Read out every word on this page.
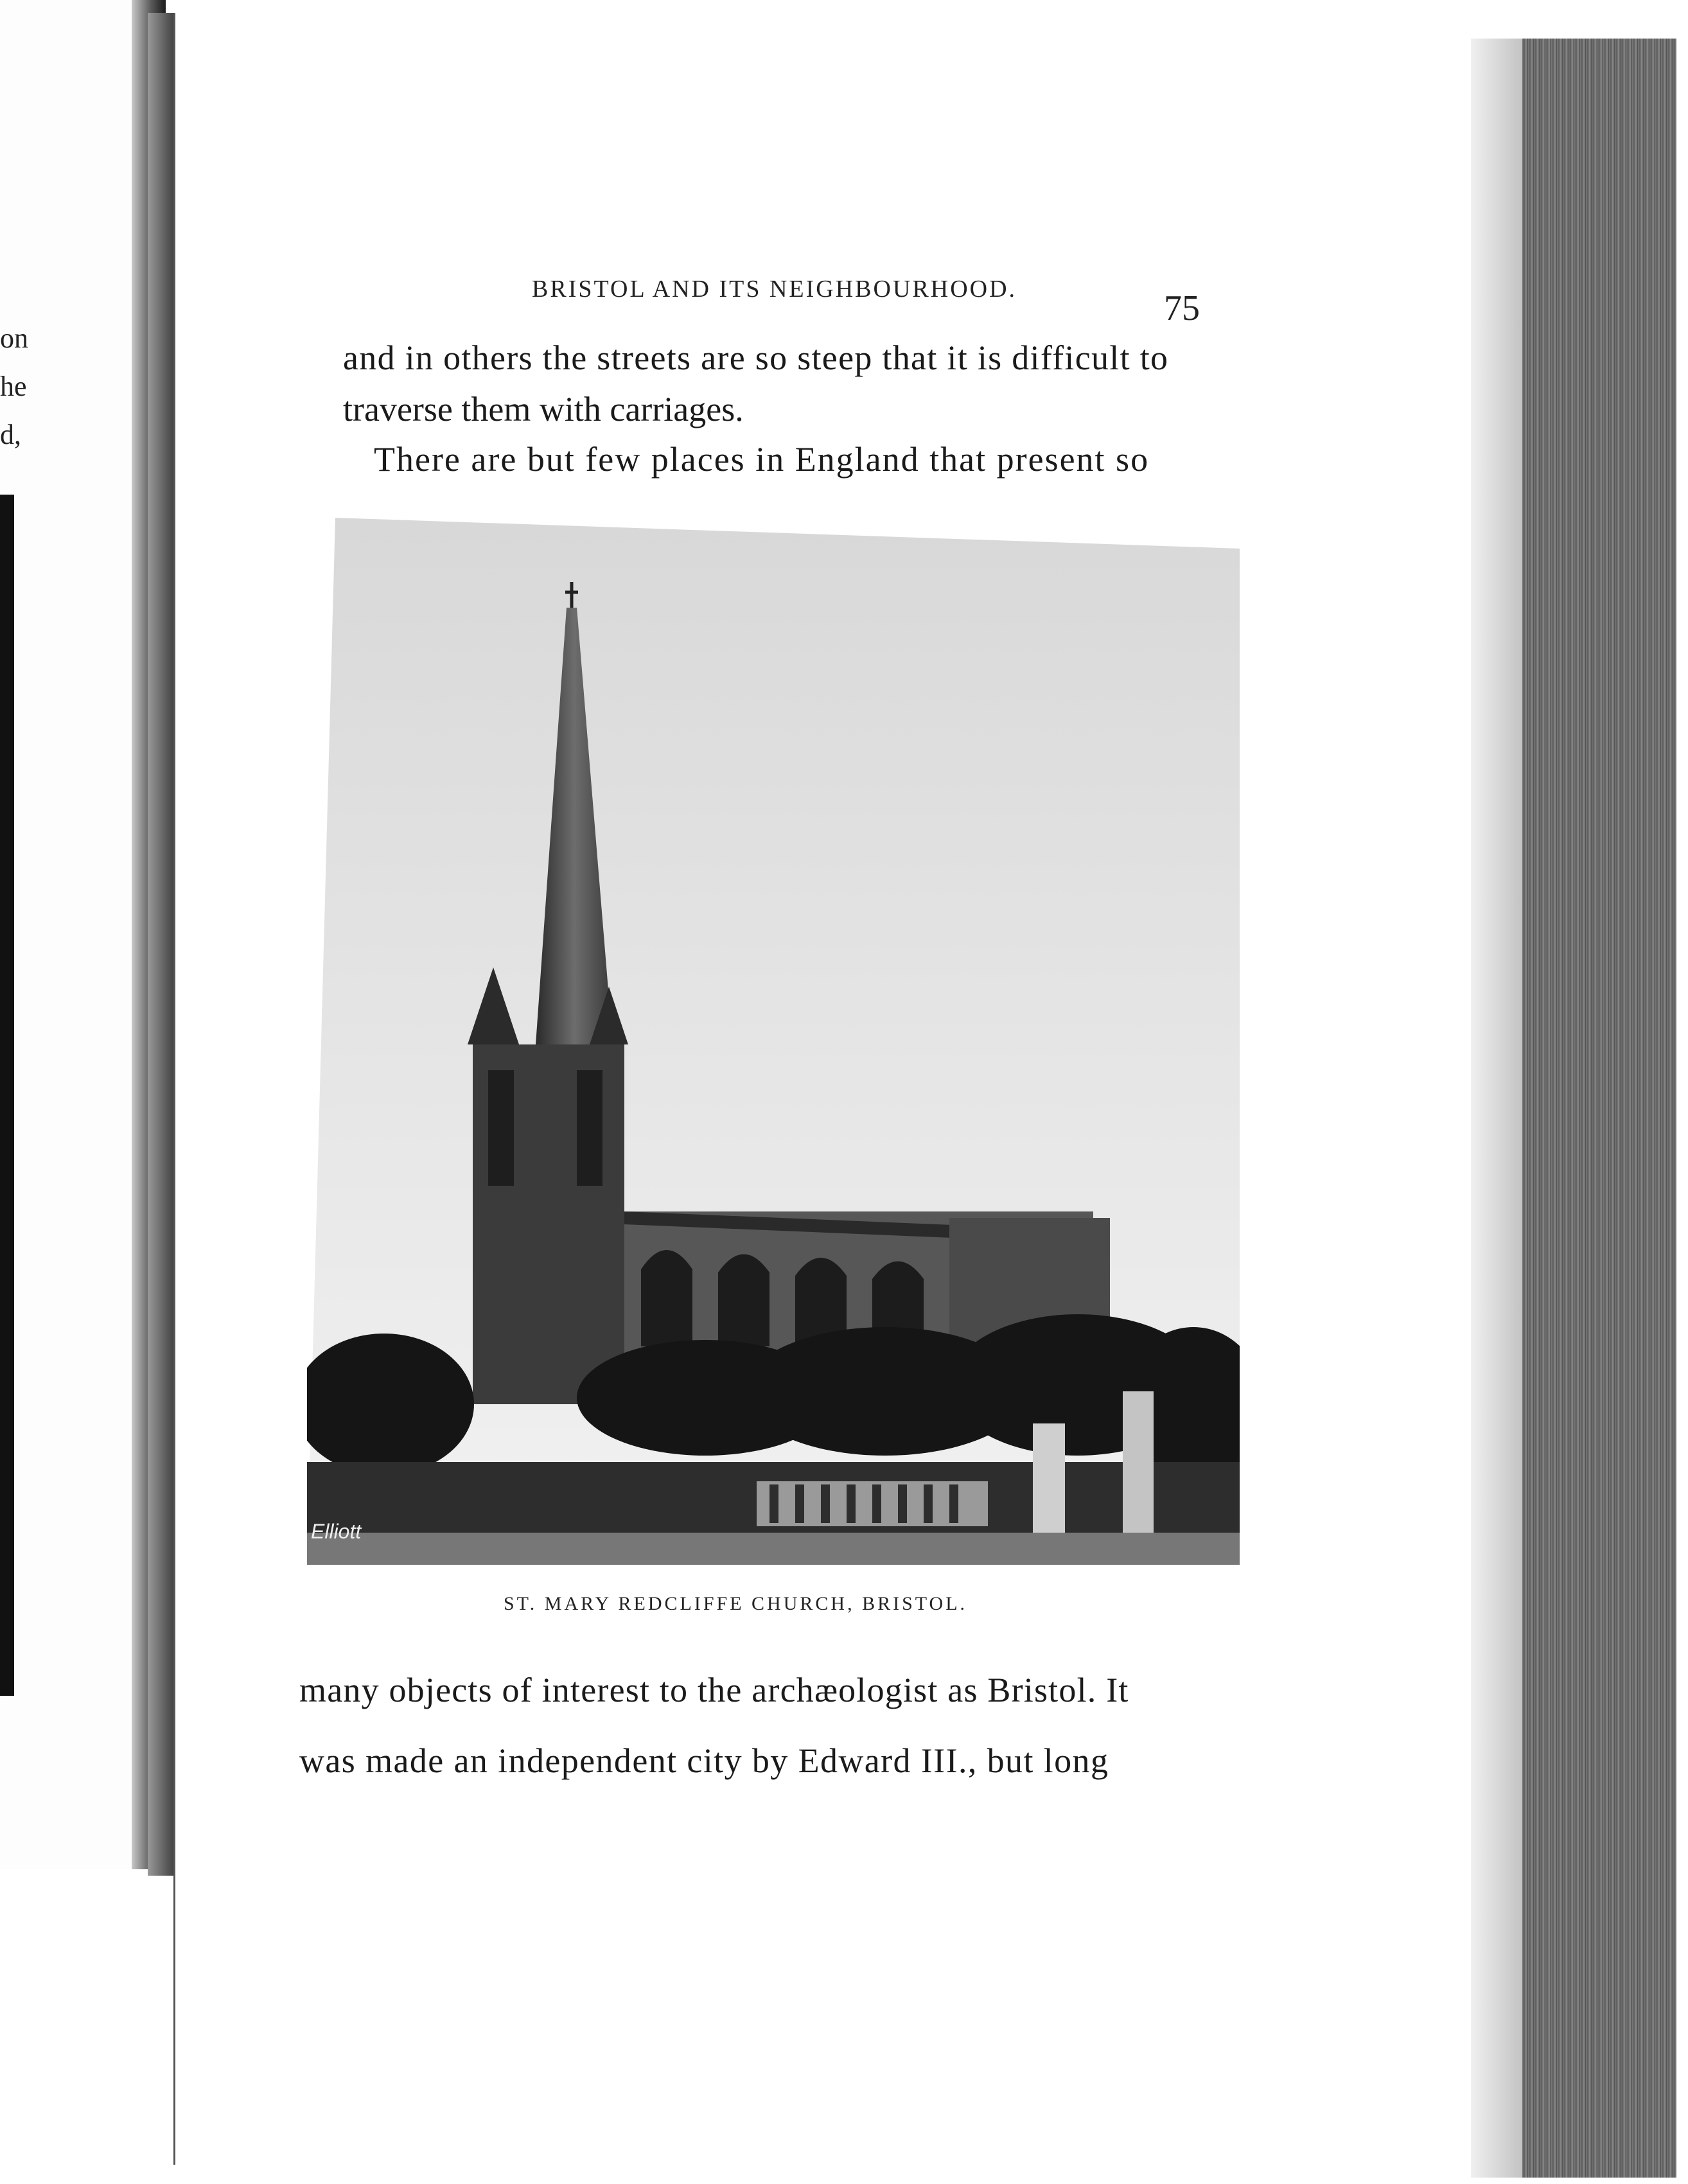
on
he
d,
BRISTOL AND ITS NEIGHBOURHOOD.	75
and in others the streets are so steep that it is difficult to
traverse them with carriages.
There are but few places in England that present so
Elliott
ST. MARY REDCLIFFE CHURCH, BRISTOL.
many objects of interest to the archæologist as Bristol. It
was made an independent city by Edward III., but long
